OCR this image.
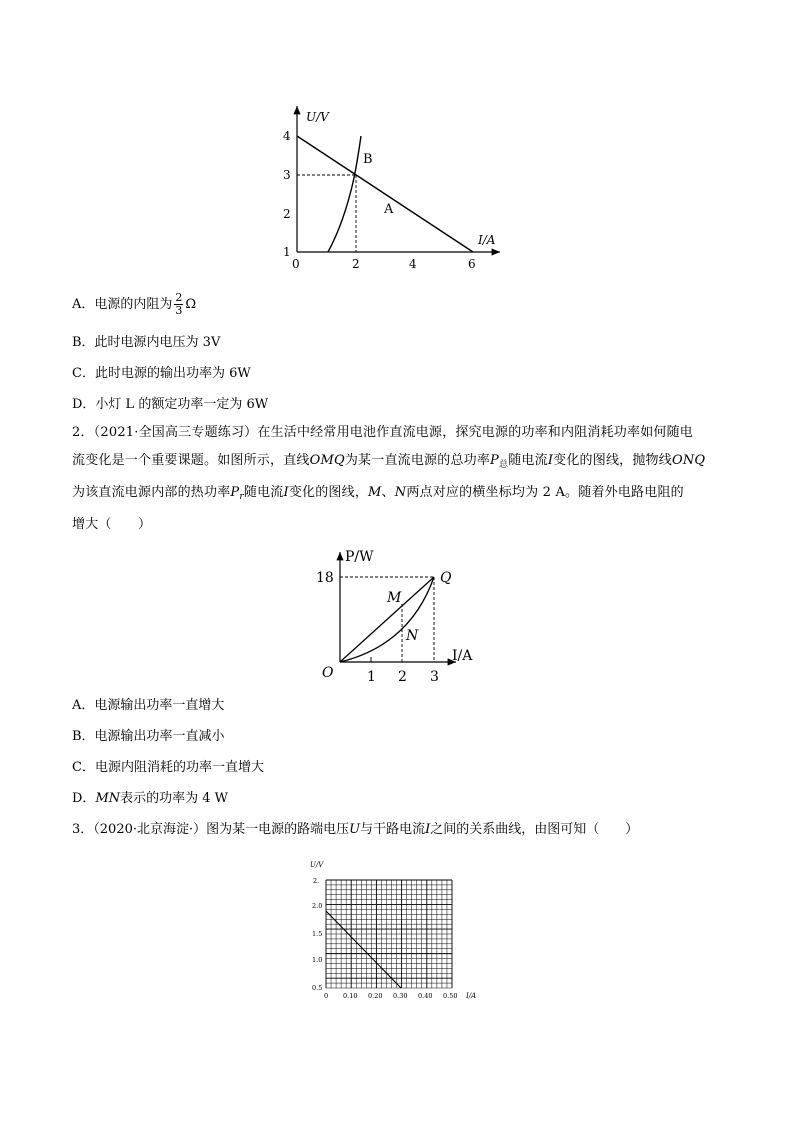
U/V
I/A
4
3
2
1
0	2	4	6
B
A
A．电源的内阻为 $\frac{2}{3}$ Ω
B．此时电源内电压为 3V
C．此时电源的输出功率为 6W
D．小灯 L 的额定功率一定为 6W
2．（2021·全国高三专题练习）在生活中经常用电池作直流电源，探究电源的功率和内阻消耗功率如何随电
流变化是一个重要课题。如图所示，直线OMQ为某一直流电源的总功率$P_总$随电流I变化的图线，抛物线ONQ
为该直流电源内部的热功率$P_r$随电流I变化的图线，M、N两点对应的横坐标均为 2 A。随着外电路电阻的
增大（　　）
P/W
I/A
O
18
1 2 3
Q
M
N
A．电源输出功率一直增大
B．电源输出功率一直减小
C．电源内阻消耗的功率一直增大
D．MN表示的功率为 4 W
3．（2020·北京海淀·）图为某一电源的路端电压U与干路电流I之间的关系曲线，由图可知（　　）
U/V
I/A
2.
2.0
1.5
1.0
0.5
0 0.10 0.20 0.30 0.40 0.50
